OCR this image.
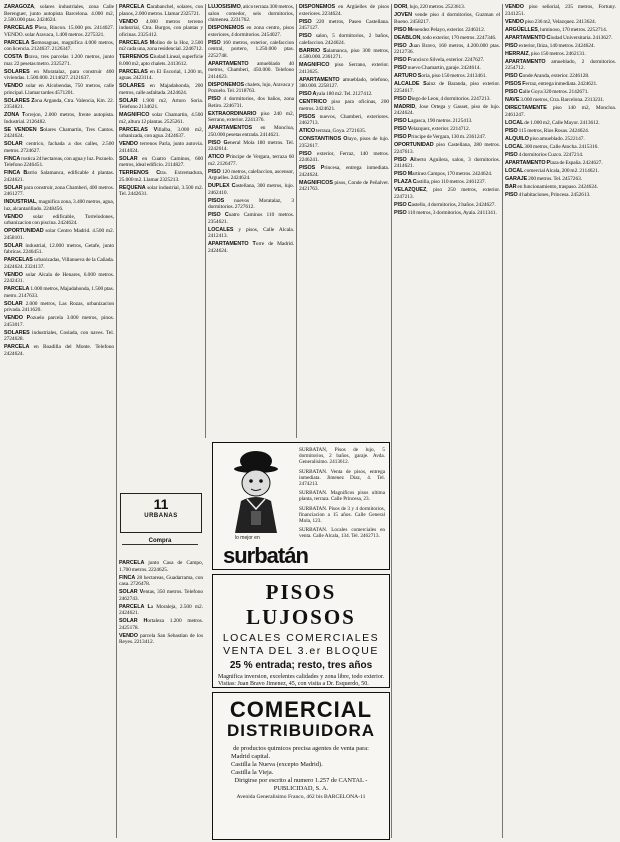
ZARAGOZA, solares industriales, zona Calle Berenguer, junto autopista Barcelona. 4.000 m2, 2.500.000 ptas. 2424624.

PARCELAS Piera, Rincon. 15.000 pts. 2414027. VENDO. solar Aravaca, 1.400 metros. 2275321.

PARCELA Somosaguas, magnifica 4.000 metros, con licencia. 2124637. 2126347.

COSTA Brava, tres parcelas 1.200 metros, junto mar. 22 pesetas metro. 2325271.

SOLARES en Moratalaz, para construir 400 viviendas. 1.500.000. 2114627. 2121637.

VENDO solar en Alcobendas, 750 metros, calle principal. Llamar tardes 4571201.

SOLARES Zona Arganda, Ctra. Valencia, Km. 22. 2354821.

ZONA Torrejon, 2.000 metros, frente autopista. Industrial. 2126482.

SE VENDEN Solares Chamartin, Tres Cantos. 2424624.

SOLAR centrico, fachada a dos calles, 2.500 metros. 2724627.

FINCA rustica 24 hectareas, con agua y luz. Pozuelo. Telefono 2246451.

FINCA Barrio Salamanca, edificable 4 plantas. 2424621.

SOLAR para construir, zona Chamberi, 400 metros. 2461277.

INDUSTRIAL, magnifica zona, 3.400 metros, agua, luz, alcantarillado. 2248456.

VENDO solar edificable, Torrelodones, urbanizacion con piscina. 2424624.

OPORTUNIDAD solar Centro Madrid. 4.500 m2. 2458101.

SOLAR industrial, 12.000 metros, Getafe, junto fabricas. 2246451.

PARCELAS urbanizadas, Villanueva de la Cañada. 2424624. 2324137.

VENDO solar Alcala de Henares, 6.000 metros. 2242431.

PARCELA 1.000 metros, Majadahonda, 1.500 ptas. metro. 2147633.

SOLAR 2.000 metros, Las Rozas, urbanizacion privada. 2411620.

VENDO Pozuelo parcela 3.000 metros, pinos. 2453017.

SOLARES industriales, Coslada, con naves. Tel. 2724628.

PARCELA en Boadilla del Monte. Telefono 2424624.

PARCELA Carabanchel, solares, con planos, 2.000 metros. Llamar 2325721.

VENDO 4.000 metros terreno industrial, Ctra. Burgos, con plantas y oficinas. 2325412.

PARCELAS Molino de la Hoz, 2.500 m2 cada una, zona residencial. 2246712.

TERRENOS Ciudad Lineal, superficie 8.000 m2, apto chalets. 2413612.

PARCELAS en El Escorial, 1.200 m, aguas. 2423114.

SOLARES en Majadahonda, 200 metros, calle asfaltada. 2424624.

SOLAR 1.900 m2, Arturo Soria. Telefono 2134621.

MAGNIFICO solar Chamartin, 4.500 m2, altura 12 plantas. 2525261.

PARCELAS Villalba, 3.000 m2, urbanizada, con agua. 2424637.

VENDO terrenos Parla, junto autovia. 2414024.

SOLAR en Cuatro Caminos, 600 metros, ideal edificio. 2114827.

TERRENOS Ctra. Extremadura, 25.000 m2. Llamar 2325213.

REQUENA solar industrial, 3.500 m2. Tel. 2442631.

PARCELA junto Casa de Campo, 1.700 metros. 2224625.

FINCA 28 hectareas, Guadarrama, con casa. 2726478.

SOLAR Ventas, 350 metros. Telefono 2462743.

PARCELA La Moraleja, 2.500 m2. 2424621.

SOLAR Hortaleza 1.200 metros. 2425178.

VENDO parcela San Sebastian de los Reyes. 2213412.

LUJOSISIMO, atico terraza 300 metros, salon comedor, seis dormitorios, chimenea. 2231762.

DISPONEMOS en zona centro, pisos exteriores, 4 dormitorios. 2454027.

PISO 160 metros, exterior, calefaccion central, portero, 1.250.000 ptas. 2252748.

APARTAMENTO amueblado 40 metros, Chamberi, 450.000. Telefono 2414623.

DISPONEMOS chalets, lujo, Aravaca y Pozuelo. Tel. 2118763.

PISO 4 dormitorios, dos baños, zona Retiro. 2246731.

EXTRAORDINARIO piso 240 m2, Serrano, exterior. 2241376.

APARTAMENTOS en Moncloa, 250.000 pesetas entrada. 2414621.

PISO General Mola 180 metros. Tel. 2242614.

ATICO Principe de Vergara, terraza 60 m2. 2126477.

PISO 120 metros, calefaccion, ascensor, Arguelles. 2424624.

DUPLEX Castellana, 300 metros, lujo. 2462410.

PISOS nuevos Moratalaz, 3 dormitorios. 2727612.

PISO Cuatro Caminos 110 metros. 2354621.

LOCALES y pisos, Calle Alcala. 2412413.

APARTAMENTO Torre de Madrid. 2424624.

DISPONEMOS en Argüelles de pisos exteriores. 2234624.

PISO 220 metros, Paseo Castellana. 2457127.

PISO salon, 5 dormitorios, 2 baños, calefaccion. 2424624.

BARRIO Salamanca, piso 300 metros, 4.500.000. 2361271.

MAGNIFICO piso Serrano, exterior. 2413625.

APARTAMENTO amueblado, telefono, 380.000. 2258127.

PISO Ayala 180 m2. Tel. 2127412.

CENTRICO piso para oficinas, 200 metros. 2424621.

PISOS nuevos, Chamberi, exteriores. 2462713.

ATICO terraza, Goya. 2721635.

CONSTANTINOS Olayo, pisos de lujo. 2352617.

PISO exterior, Ferraz, 140 metros. 2246241.

PISOS Princesa, entrega inmediata. 2424624.

MAGNIFICOS pisos, Conde de Peñalver. 2421763.

DORI, lujo, 220 metros. 2523613.

JOVEN vende piso 4 dormitorios, Guzman el Bueno. 2458217.

PISO Menendez Pelayo, exterior. 2246312.

DEABLON, todo exterior, 170 metros. 2247346.

PISO Juan Bravo, 160 metros, 4.200.000 ptas. 2212736.

PISO Francisco Silvela, exterior. 2247627.

PISO nuevo Chamartin, garaje. 2424614.

ARTURO Soria, piso 150 metros. 2413461.

ALCALDE Sainz de Baranda, piso exterior. 2254617.

PISO Diego de Leon, 4 dormitorios. 2247213.

MADRID, Jose Ortega y Gasset, piso de lujo. 2424624.

PISO Lagasca, 190 metros. 2125413.

PISO Velazquez, exterior. 2214712.

PISO Principe de Vergara, 130 m. 2361247.

OPORTUNIDAD piso Castellana, 280 metros. 2247613.

PISO Alberto Aguilera, salon, 3 dormitorios. 2414621.

PISO Martinez Campos, 170 metros. 2424624.

PLAZA Castilla, piso 110 metros. 2461237.

VELAZQUEZ, piso 250 metros, exterior. 2247213.

PISO Castello, 4 dormitorios, 2 baños. 2424627.

PISO 110 metros, 3 dormitorios, Ayala. 2411341.

VENDO piso señorial, 235 metros, Fortuny. 2341251.

VENDO piso 236 m2, Velazquez. 2413624.

ARGÜELLES, luminoso, 170 metros. 2252714.

APARTAMENTO Ciudad Universitaria. 2413627.

PISO exterior, Ibiza, 140 metros. 2424624.

HERRAIZ, piso 150 metros. 2462131.

APARTAMENTO amueblado, 2 dormitorios. 2254712.

PISO Conde Aranda, exterior. 2246128.

PISOS Ferraz, entrega inmediata. 2424621.

PISO Calle Goya 320 metros. 2142671.

NAVE 3.000 metros, Ctra. Barcelona. 2313231.

DIRECTAMENTE piso 140 m2, Moncloa. 2461247.

LOCAL de 1.000 m2, Calle Mayor. 2413612.

PISO 115 metros, Rios Rosas. 2424624.

ALQUILO piso amueblado. 2522147.

LOCAL 300 metros, Calle Atocha. 2415316.

PISO 4 dormitorios Cuzco. 2247214.

APARTAMENTO Plaza de España. 2424627.

LOCAL comercial Alcala, 200 m2. 2114621.

GARAJE 200 metros. Tel. 2457263.

BAR en funcionamiento, traspaso. 2424624.

PISO 4 habitaciones, Princesa. 2452613.

11
URBANAS
Compra	lo mejor en
surbatán

SURBATAN, Pisos de lujo, 5 dormitorios, 2 baños, garaje. Avda. Generalisimo. 2413612.

SURBATAN. Venta de pisos, entrega inmediata. Jimenez Diaz, 4. Tel. 2474213.

SURBATAN. Magnificos pisos ultima planta, terraza. Calle Princesa, 23.

SURBATAN. Pisos de 3 y 4 dormitorios, financiacion a 15 años. Calle General Mola, 123.

SURBATAN. Locales comerciales en venta. Calle Alcala, 134. Tel. 2462713.

PISOS LUJOSOS
LOCALES COMERCIALES
VENTA DEL 3.er BLOQUE
25 % entrada; resto, tres años
Magnifica inversion, excelentes calidades y zona libre, todo exterior. Visitas: Juan Bravo Jimenez, 45, con visita a Dr. Esquerdo, 50.
COMERCIAL
DISTRIBUIDORA
de productos quimicos precisa agentes de venta para:
Madrid capital.
Castilla la Nueva (excepto Madrid).
Castilla la Vieja.
Dirigirse por escrito al numero 1.257 de CANTAL - PUBLICIDAD, S. A.
Avenida Generalisimo Franco, 462 bis BARCELONA-11
